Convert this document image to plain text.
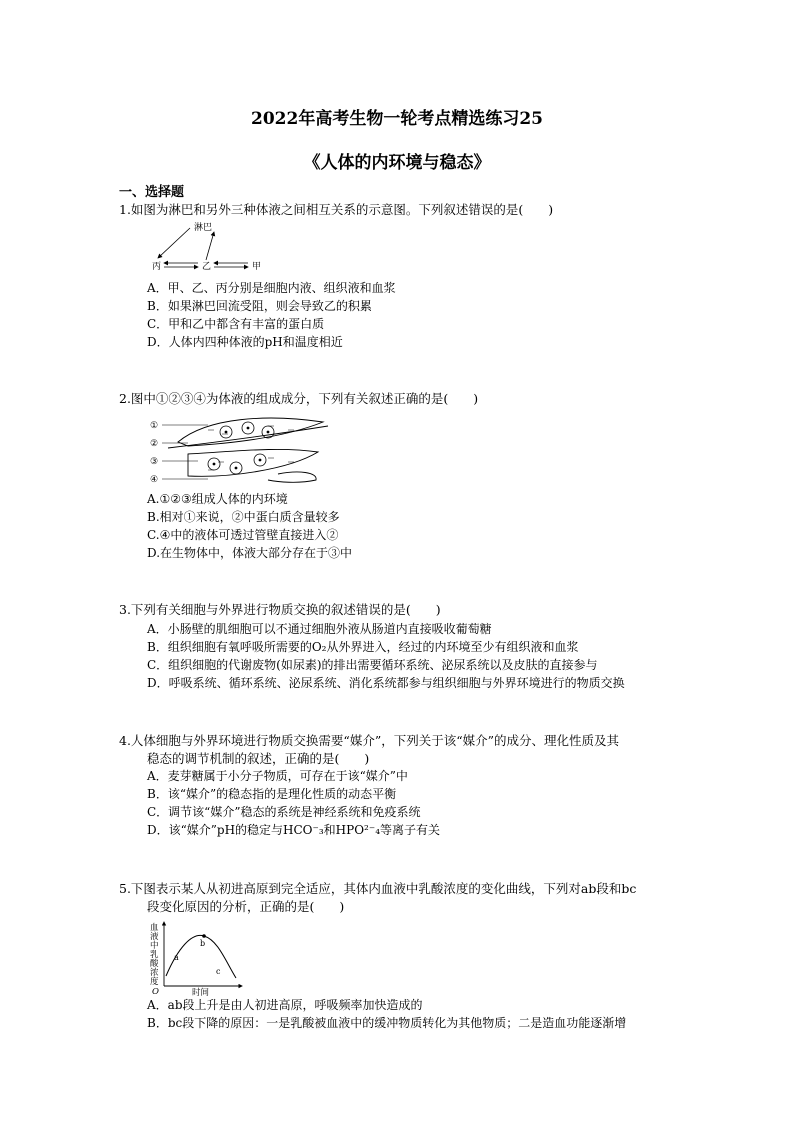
2022年高考生物一轮考点精选练习25
《人体的内环境与稳态》
一、选择题
1.如图为淋巴和另外三种体液之间相互关系的示意图。下列叙述错误的是(　　)
淋巴
丙	乙	甲
A．甲、乙、丙分别是细胞内液、组织液和血浆
B．如果淋巴回流受阻，则会导致乙的积累
C．甲和乙中都含有丰富的蛋白质
D．人体内四种体液的pH和温度相近
2.图中①②③④为体液的组成成分，下列有关叙述正确的是(　　)
①
②
③
④
A.①②③组成人体的内环境
B.相对①来说，②中蛋白质含量较多
C.④中的液体可透过管壁直接进入②
D.在生物体中，体液大部分存在于③中
3.下列有关细胞与外界进行物质交换的叙述错误的是(　　)
A．小肠壁的肌细胞可以不通过细胞外液从肠道内直接吸收葡萄糖
B．组织细胞有氧呼吸所需要的O₂从外界进入，经过的内环境至少有组织液和血浆
C．组织细胞的代谢废物(如尿素)的排出需要循环系统、泌尿系统以及皮肤的直接参与
D．呼吸系统、循环系统、泌尿系统、消化系统都参与组织细胞与外界环境进行的物质交换
4.人体细胞与外界环境进行物质交换需要“媒介”，下列关于该“媒介”的成分、理化性质及其
稳态的调节机制的叙述，正确的是(　　)
A．麦芽糖属于小分子物质，可存在于该“媒介”中
B．该“媒介”的稳态指的是理化性质的动态平衡
C．调节该“媒介”稳态的系统是神经系统和免疫系统
D．该“媒介”pH的稳定与HCO⁻₃和HPO²⁻₄等离子有关
5.下图表示某人从初进高原到完全适应，其体内血液中乳酸浓度的变化曲线，下列对ab段和bc
段变化原因的分析，正确的是(　　)
血
液
中
乳
酸
浓
度
O	时间
a
b
c
A．ab段上升是由人初进高原，呼吸频率加快造成的
B．bc段下降的原因：一是乳酸被血液中的缓冲物质转化为其他物质；二是造血功能逐渐增
